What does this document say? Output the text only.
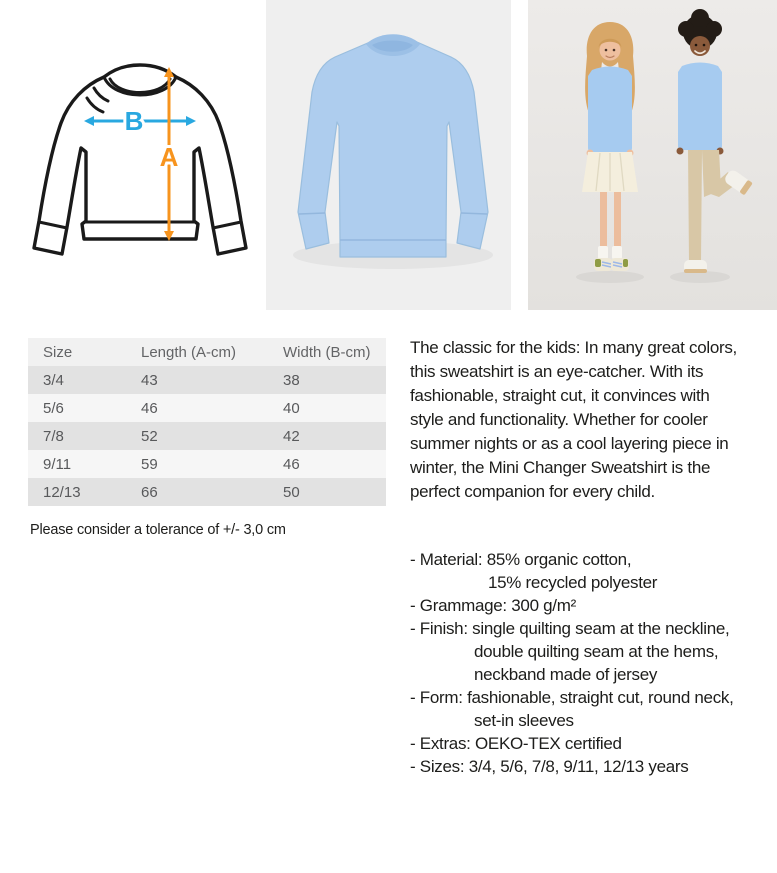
B
A
Size	Length (A-cm)	Width (B-cm)
3/4	43	38
5/6	46	40
7/8	52	42
9/11	59	46
12/13	66	50
Please consider a tolerance of +/- 3,0 cm
The classic for the kids: In many great colors,
this sweatshirt is an eye-catcher. With its
fashionable, straight cut, it convinces with
style and functionality. Whether for cooler
summer nights or as a cool layering piece in
winter, the Mini Changer Sweatshirt is the
perfect companion for every child.
- Material: 85% organic cotton,
15% recycled polyester
- Grammage: 300 g/m²
- Finish: single quilting seam at the neckline,
double quilting seam at the hems,
neckband made of jersey
- Form: fashionable, straight cut, round neck,
set-in sleeves
- Extras: OEKO-TEX certified
- Sizes: 3/4, 5/6, 7/8, 9/11, 12/13 years
